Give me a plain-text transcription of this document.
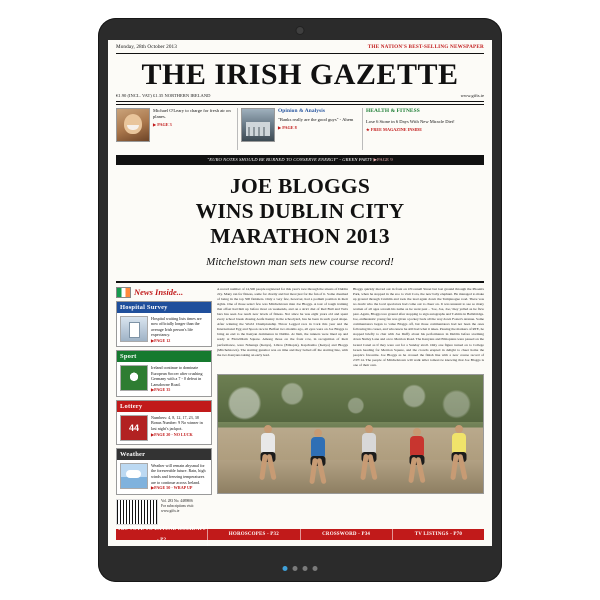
Monday, 28th October 2013	THE NATION'S BEST-SELLING NEWSPAPER
THE IRISH GAZETTE
€1.90 (INCL. VAT) £1.35 NORTHERN IRELAND	www.gifts.ie
Michael O'Leary to charge for fresh air on planes.
▶ PAGE 3
Opinion & Analysis
"Banks really are the good guys" - Ahem
▶ PAGE 8
HEALTH & FITNESS
Lose 6 Stone in 6 Days With New Miracle Diet!
★ FREE MAGAZINE INSIDE
"EURO NOTES SHOULD BE BURNED TO CONSERVE ENERGY" - GREEN PARTY ▶PAGE 9
JOE BLOGGS
WINS DUBLIN CITY
MARATHON 2013
Mitchelstown man sets new course record!
News Inside...
Hospital Survey

Hospital waiting lists times are now officially longer than the average Irish person's life expectancy.

▶PAGE 12

Sport

Ireland continue to dominate European Soccer after crushing Germany with a 7 - 0 defeat in Lansdowne Road.

▶PAGE 35

Lottery
44

Numbers: 4, 8, 12, 17, 23, 38 Bonus Number: 9 No winner in last night's jackpot.

▶PAGE 20 - NO LUCK

Weather

Weather will remain abysmal for the foreseeable future. Rain, high winds and freezing temperatures are to continue across Ireland.

▶PAGE 50 - WRAP UP

Vol. 283 No. 4489806
For subscriptions visit:
www.gifts.ie

A record number of 14,500 people registered for this year's race through the streets of Dublin city. Many ran for fitness, some for charity and but most just for the fun of it. Some dreamed of being in the top 500 finishers. Only a very few, however, had a podium position in their sights. One of those select few was Mitchelstown man Joe Bloggs. A tour of tough training that offset had him up before most on weekends, and on a strict diet of Red Bull and Twix bars has seen Joe reach new levels of fitness. Not since he was eight years old and spent every school break chasing Aoife Kenny in the schoolyard, has he been in such good shape. After winning the World Championship Throw Legged race in Cork this year and the International Egg and Spoon race in Belfast two months ago, all eyes were on Joe Bloggs to bring an end to the Kenyan dominance in Dublin. At 9am, the runners were lined up and ready at Fitzwilliam Square. Among those on the front row, in recognition of their performance, were Nduanga (Kenya), Libros (Ethiopia), Kapchanbo (Kenya) and Bloggs (Mitchelstown). The starting gunshot was on time and they bolted off the starting line, with the two Kenyans taking an early lead.

Bloggs quickly moved out in front on O'Connell Street but lost ground through the Phoenix Park, when he stopped in the zoo to visit Cora, the new baby elephant. He managed to make up ground through Crumlin and took the lead again down the Templeogue road. There was no doubt who the local spectators had come out to cheer on. It was unusual to see so many women of all ages scream his name as he went past – 'Joe, Joe, Joe,' they yelled as he flew past. Again, Bloggs tore ground after stopping to sign autographs and T-shirts in Ballsbridge. Joe, enthusiastic young fan was given a jockey back all the way down Foster's Avenue. Some commentators began to value Bloggs off, but those commentators had not been the ones following his career, and who knew he still had what it takes. Passing the markers of RTE, he stopped briefly to chat with Joe Duffy about his performance in Dublin before storming down Nutley Lane and on to Merrion Road. The Kenyans and Ethiopians were passed on the Grand Canal as if they were out for a Sunday stroll. Only one figure turned on to College Green heading for Merrion Square, and the crowds erupted in delight to cheer home the people's favourite. Joe Bloggs as he crossed the finish line with a new course record of 2:07:14. The people of Mitchelstown will walk taller tomorrow knowing that Joe Bloggs is one of their own.

TDS VOTE TO EXTEND HOLIDAYS - P2
HOROSCOPES - P32	CROSSWORD - P34	TV LISTINGS - P70
